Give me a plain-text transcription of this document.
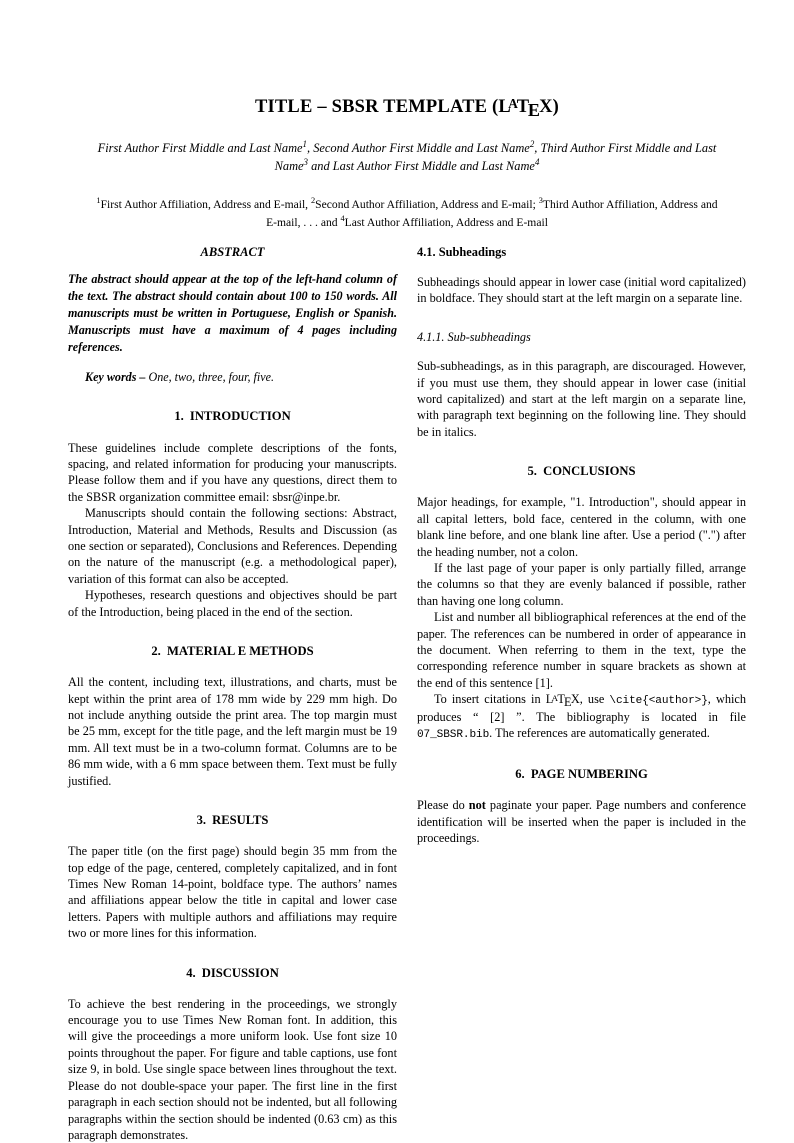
TITLE – SBSR TEMPLATE $(L^ATEX)$
First Author First Middle and Last Name$^1$, Second Author First Middle and Last Name$^2$, Third Author First Middle and Last Name$^3$ and Last Author First Middle and Last Name$^4$
$^1$First Author Affiliation, Address and E-mail, $^2$Second Author Affiliation, Address and E-mail; $^3$Third Author Affiliation, Address and E-mail, . . . and $^4$Last Author Affiliation, Address and E-mail
ABSTRACT

The abstract should appear at the top of the left-hand column of the text. The abstract should contain about 100 to 150 words. All manuscripts must be written in Portuguese, English or Spanish. Manuscripts must have a maximum of 4 pages including references.

Key words – One, two, three, four, five.

1. INTRODUCTION

These guidelines include complete descriptions of the fonts, spacing, and related information for producing your manuscripts. Please follow them and if you have any questions, direct them to the SBSR organization committee email: sbsr@inpe.br.

Manuscripts should contain the following sections: Abstract, Introduction, Material and Methods, Results and Discussion (as one section or separated), Conclusions and References. Depending on the nature of the manuscript (e.g. a methodological paper), variation of this format can also be accepted.

Hypotheses, research questions and objectives should be part of the Introduction, being placed in the end of the section.

2. MATERIAL E METHODS

All the content, including text, illustrations, and charts, must be kept within the print area of 178 mm wide by 229 mm high. Do not include anything outside the print area. The top margin must be 25 mm, except for the title page, and the left margin must be 19 mm. All text must be in a two-column format. Columns are to be 86 mm wide, with a 6 mm space between them. Text must be fully justified.

3. RESULTS

The paper title (on the first page) should begin 35 mm from the top edge of the page, centered, completely capitalized, and in font Times New Roman 14-point, boldface type. The authors’ names and affiliations appear below the title in capital and lower case letters. Papers with multiple authors and affiliations may require two or more lines for this information.

4. DISCUSSION

To achieve the best rendering in the proceedings, we strongly encourage you to use Times New Roman font. In addition, this will give the proceedings a more uniform look. Use font size 10 points throughout the paper. For figure and table captions, use font size 9, in bold. Use single space between lines throughout the text. Please do not double-space your paper. The first line in the first paragraph in each section should not be indented, but all following paragraphs within the section should be indented (0.63 cm) as this paragraph demonstrates.

4.1. Subheadings

Subheadings should appear in lower case (initial word capitalized) in boldface. They should start at the left margin on a separate line.

4.1.1. Sub-subheadings

Sub-subheadings, as in this paragraph, are discouraged. However, if you must use them, they should appear in lower case (initial word capitalized) and start at the left margin on a separate line, with paragraph text beginning on the following line. They should be in italics.

5. CONCLUSIONS

Major headings, for example, "1. Introduction", should appear in all capital letters, bold face, centered in the column, with one blank line before, and one blank line after. Use a period (".") after the heading number, not a colon.

If the last page of your paper is only partially filled, arrange the columns so that they are evenly balanced if possible, rather than having one long column.

List and number all bibliographical references at the end of the paper. The references can be numbered in order of appearance in the document. When referring to them in the text, type the corresponding reference number in square brackets as shown at the end of this sentence [1].

To insert citations in $L^ATEX$, use \cite{<author>}, which produces “ [2] ”. The bibliography is located in file 07_SBSR.bib. The references are automatically generated.

6. PAGE NUMBERING

Please do not paginate your paper. Page numbers and conference identification will be inserted when the paper is included in the proceedings.
